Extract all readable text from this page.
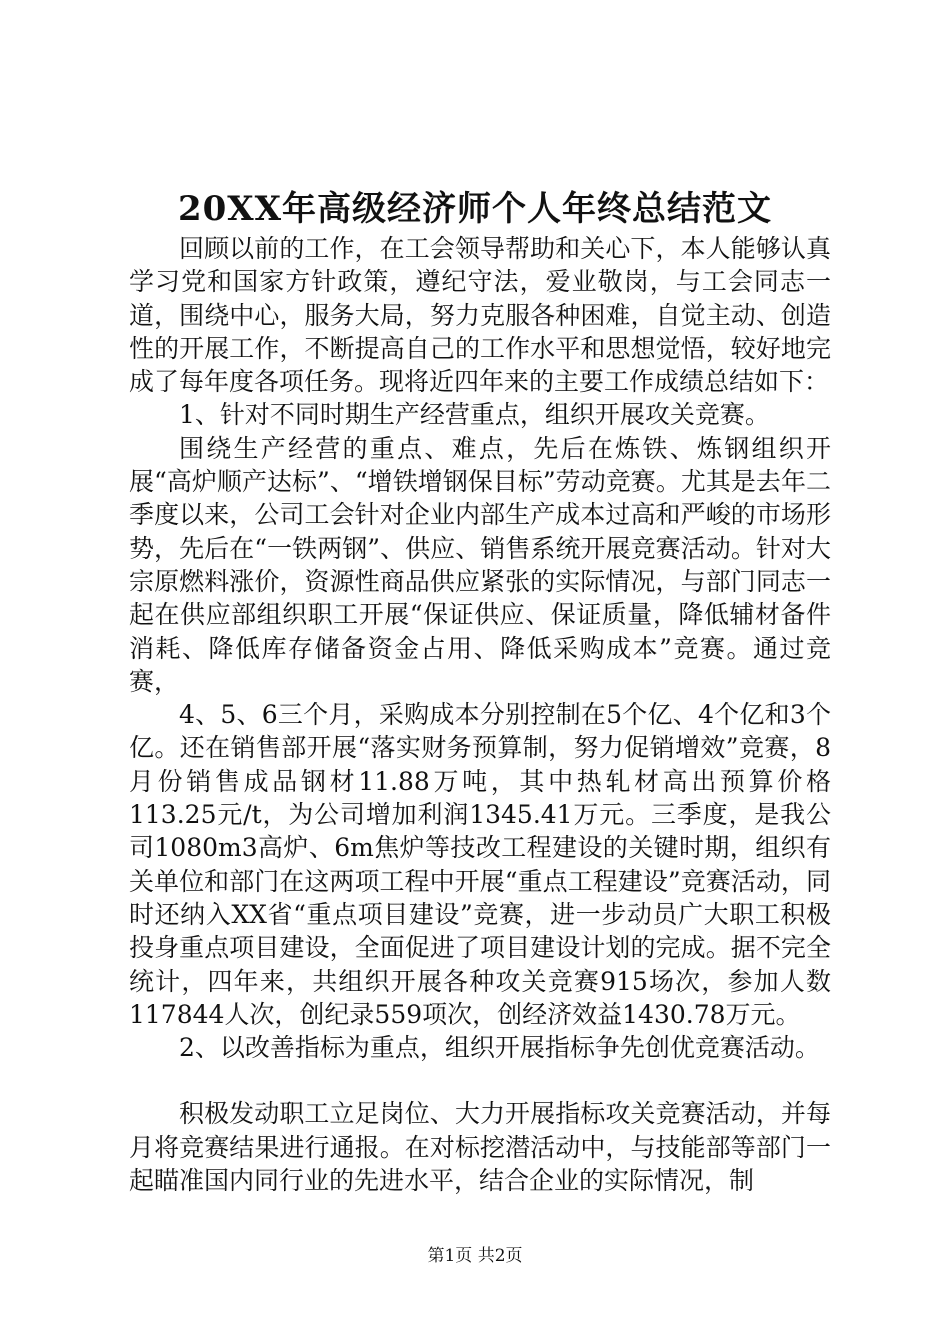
20XX年高级经济师个人年终总结范文

回顾以前的工作，在工会领导帮助和关心下，本人能够认真学习党和国家方针政策，遵纪守法，爱业敬岗，与工会同志一道，围绕中心，服务大局，努力克服各种困难，自觉主动、创造性的开展工作，不断提高自己的工作水平和思想觉悟，较好地完成了每年度各项任务。现将近四年来的主要工作成绩总结如下：

1、针对不同时期生产经营重点，组织开展攻关竞赛。

围绕生产经营的重点、难点，先后在炼铁、炼钢组织开展“高炉顺产达标”、“增铁增钢保目标”劳动竞赛。尤其是去年二季度以来，公司工会针对企业内部生产成本过高和严峻的市场形势，先后在“一铁两钢”、供应、销售系统开展竞赛活动。针对大宗原燃料涨价，资源性商品供应紧张的实际情况，与部门同志一起在供应部组织职工开展“保证供应、保证质量，降低辅材备件消耗、降低库存储备资金占用、降低采购成本”竞赛。通过竞赛，

4、5、6三个月，采购成本分别控制在5个亿、4个亿和3个亿。还在销售部开展“落实财务预算制，努力促销增效”竞赛，8月份销售成品钢材11.88万吨，其中热轧材高出预算价格113.25元/t，为公司增加利润1345.41万元。三季度，是我公司1080m3高炉、6m焦炉等技改工程建设的关键时期，组织有关单位和部门在这两项工程中开展“重点工程建设”竞赛活动，同时还纳入XX省“重点项目建设”竞赛，进一步动员广大职工积极投身重点项目建设，全面促进了项目建设计划的完成。据不完全统计，四年来，共组织开展各种攻关竞赛915场次，参加人数117844人次，创纪录559项次，创经济效益1430.78万元。

2、以改善指标为重点，组织开展指标争先创优竞赛活动。

积极发动职工立足岗位、大力开展指标攻关竞赛活动，并每月将竞赛结果进行通报。在对标挖潜活动中，与技能部等部门一起瞄准国内同行业的先进水平，结合企业的实际情况，制

第1页 共2页
